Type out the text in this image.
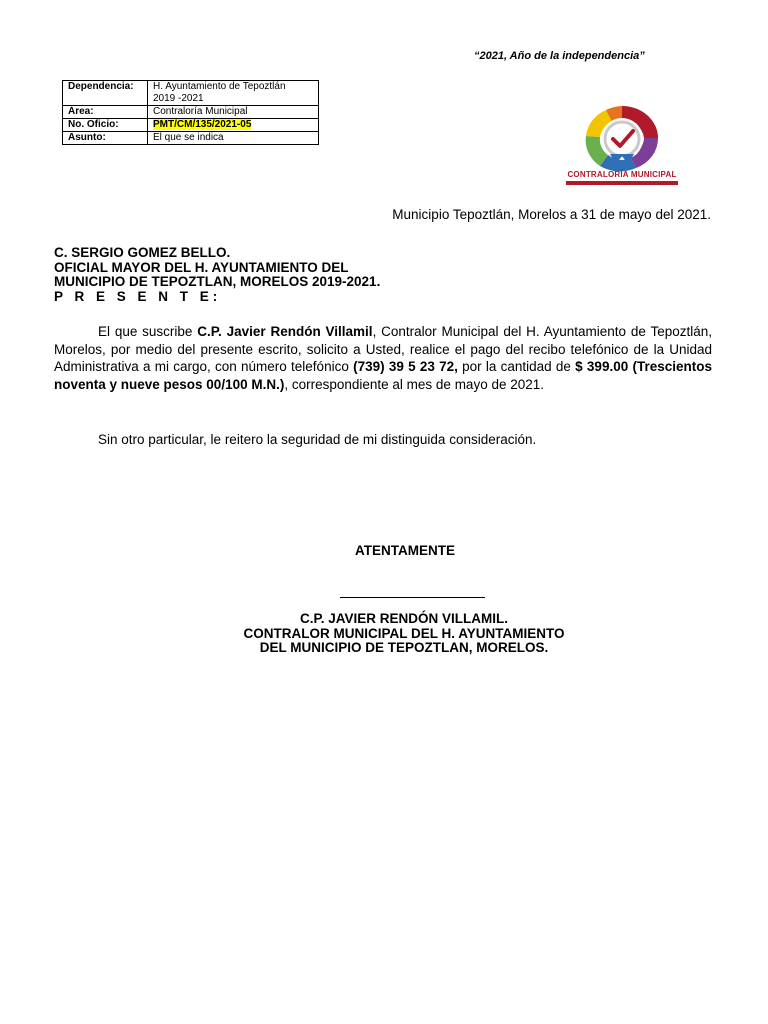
“2021, Año de la independencia”
Dependencia:	H. Ayuntamiento de Tepoztlán
2019 -2021
Área:	Contraloría Municipal
No. Oficio:	PMT/CM/135/2021-05
Asunto:	El que se indica
CONTRALORÍA MUNICIPAL
Municipio Tepoztlán, Morelos a 31 de mayo del 2021.
C. SERGIO GOMEZ BELLO.
OFICIAL MAYOR DEL H. AYUNTAMIENTO DEL
MUNICIPIO DE TEPOZTLAN, MORELOS 2019-2021.
P R E S E N T E:
El que suscribe C.P. Javier Rendón Villamil, Contralor Municipal del H. Ayuntamiento de Tepoztlán, Morelos, por medio del presente escrito, solicito a Usted, realice el pago del recibo telefónico de la Unidad Administrativa a mi cargo, con número telefónico (739) 39 5 23 72, por la cantidad de $ 399.00 (Trescientos noventa y nueve pesos 00/100 M.N.), correspondiente al mes de mayo de 2021.
Sin otro particular, le reitero la seguridad de mi distinguida consideración.
ATENTAMENTE
C.P. JAVIER RENDÓN VILLAMIL.
CONTRALOR MUNICIPAL DEL H. AYUNTAMIENTO
DEL MUNICIPIO DE TEPOZTLAN, MORELOS.
